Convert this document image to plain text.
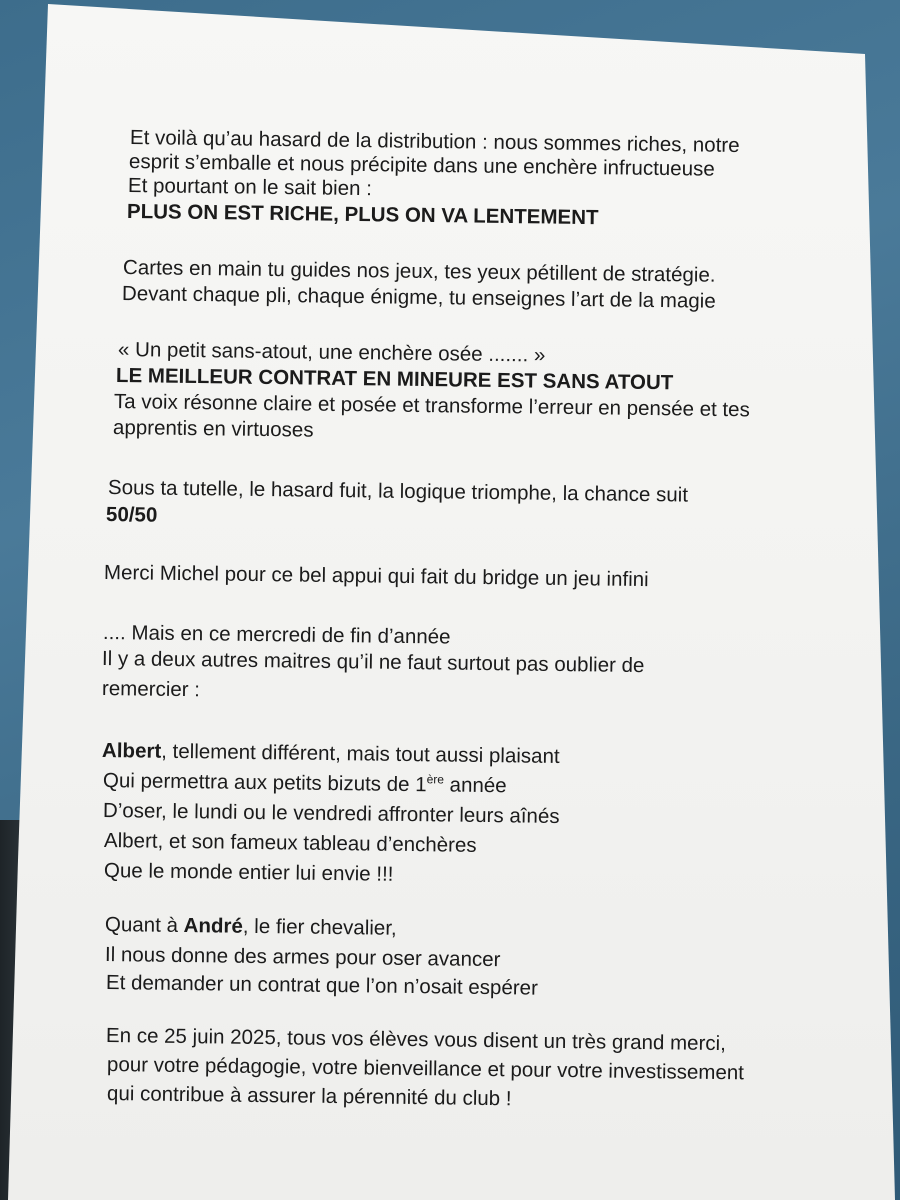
Et voilà qu’au hasard de la distribution : nous sommes riches, notre
esprit s’emballe et nous précipite dans une enchère infructueuse
Et pourtant on le sait bien :
PLUS ON EST RICHE, PLUS ON VA LENTEMENT
Cartes en main tu guides nos jeux, tes yeux pétillent de stratégie.
Devant chaque pli, chaque énigme, tu enseignes l’art de la magie
« Un petit sans-atout, une enchère osée ....... »
LE MEILLEUR CONTRAT EN MINEURE EST SANS ATOUT
Ta voix résonne claire et posée et transforme l’erreur en pensée et tes
apprentis en virtuoses
Sous ta tutelle, le hasard fuit, la logique triomphe, la chance suit
50/50
Merci Michel pour ce bel appui qui fait du bridge un jeu infini
.... Mais en ce mercredi de fin d’année
Il y a deux autres maitres qu’il ne faut surtout pas oublier de
remercier :
Albert, tellement différent, mais tout aussi plaisant
Qui permettra aux petits bizuts de 1ère année
D’oser, le lundi ou le vendredi affronter leurs aînés
Albert, et son fameux tableau d’enchères
Que le monde entier lui envie !!!
Quant à André, le fier chevalier,
Il nous donne des armes pour oser avancer
Et demander un contrat que l’on n’osait espérer
En ce 25 juin 2025, tous vos élèves vous disent un très grand merci,
pour votre pédagogie, votre bienveillance et pour votre investissement
qui contribue à assurer la pérennité du club !
